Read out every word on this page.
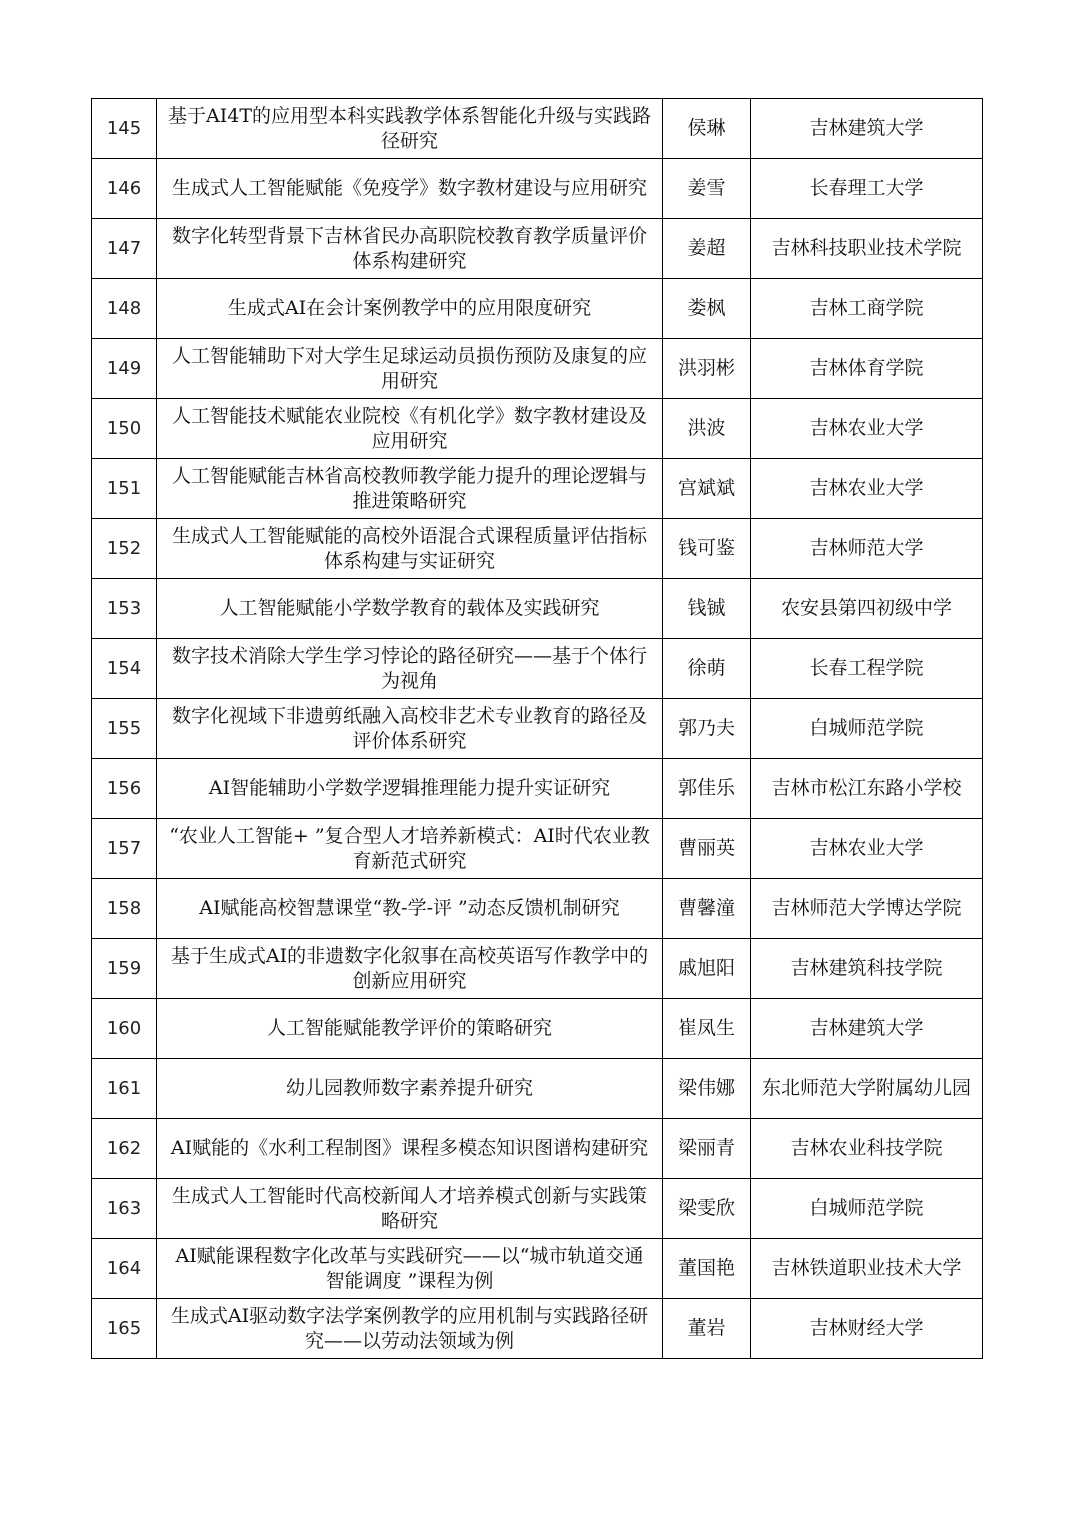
145	基于AI4T的应用型本科实践教学体系智能化升级与实践路径研究	侯琳	吉林建筑大学
146	生成式人工智能赋能《免疫学》数字教材建设与应用研究	姜雪	长春理工大学
147	数字化转型背景下吉林省民办高职院校教育教学质量评价体系构建研究	姜超	吉林科技职业技术学院
148	生成式AI在会计案例教学中的应用限度研究	娄枫	吉林工商学院
149	人工智能辅助下对大学生足球运动员损伤预防及康复的应用研究	洪羽彬	吉林体育学院
150	人工智能技术赋能农业院校《有机化学》数字教材建设及应用研究	洪波	吉林农业大学
151	人工智能赋能吉林省高校教师教学能力提升的理论逻辑与推进策略研究	宫斌斌	吉林农业大学
152	生成式人工智能赋能的高校外语混合式课程质量评估指标体系构建与实证研究	钱可鉴	吉林师范大学
153	人工智能赋能小学数学教育的载体及实践研究	钱铖	农安县第四初级中学
154	数字技术消除大学生学习悖论的路径研究——基于个体行为视角	徐萌	长春工程学院
155	数字化视域下非遗剪纸融入高校非艺术专业教育的路径及评价体系研究	郭乃夫	白城师范学院
156	AI智能辅助小学数学逻辑推理能力提升实证研究	郭佳乐	吉林市松江东路小学校
157	“农业人工智能+ ”复合型人才培养新模式：AI时代农业教育新范式研究	曹丽英	吉林农业大学
158	AI赋能高校智慧课堂“教-学-评 ”动态反馈机制研究	曹馨潼	吉林师范大学博达学院
159	基于生成式AI的非遗数字化叙事在高校英语写作教学中的创新应用研究	戚旭阳	吉林建筑科技学院
160	人工智能赋能教学评价的策略研究	崔凤生	吉林建筑大学
161	幼儿园教师数字素养提升研究	梁伟娜	东北师范大学附属幼儿园
162	AI赋能的《水利工程制图》课程多模态知识图谱构建研究	梁丽青	吉林农业科技学院
163	生成式人工智能时代高校新闻人才培养模式创新与实践策略研究	梁雯欣	白城师范学院
164	AI赋能课程数字化改革与实践研究——以“城市轨道交通智能调度 ”课程为例	董国艳	吉林铁道职业技术大学
165	生成式AI驱动数字法学案例教学的应用机制与实践路径研究——以劳动法领域为例	董岩	吉林财经大学
